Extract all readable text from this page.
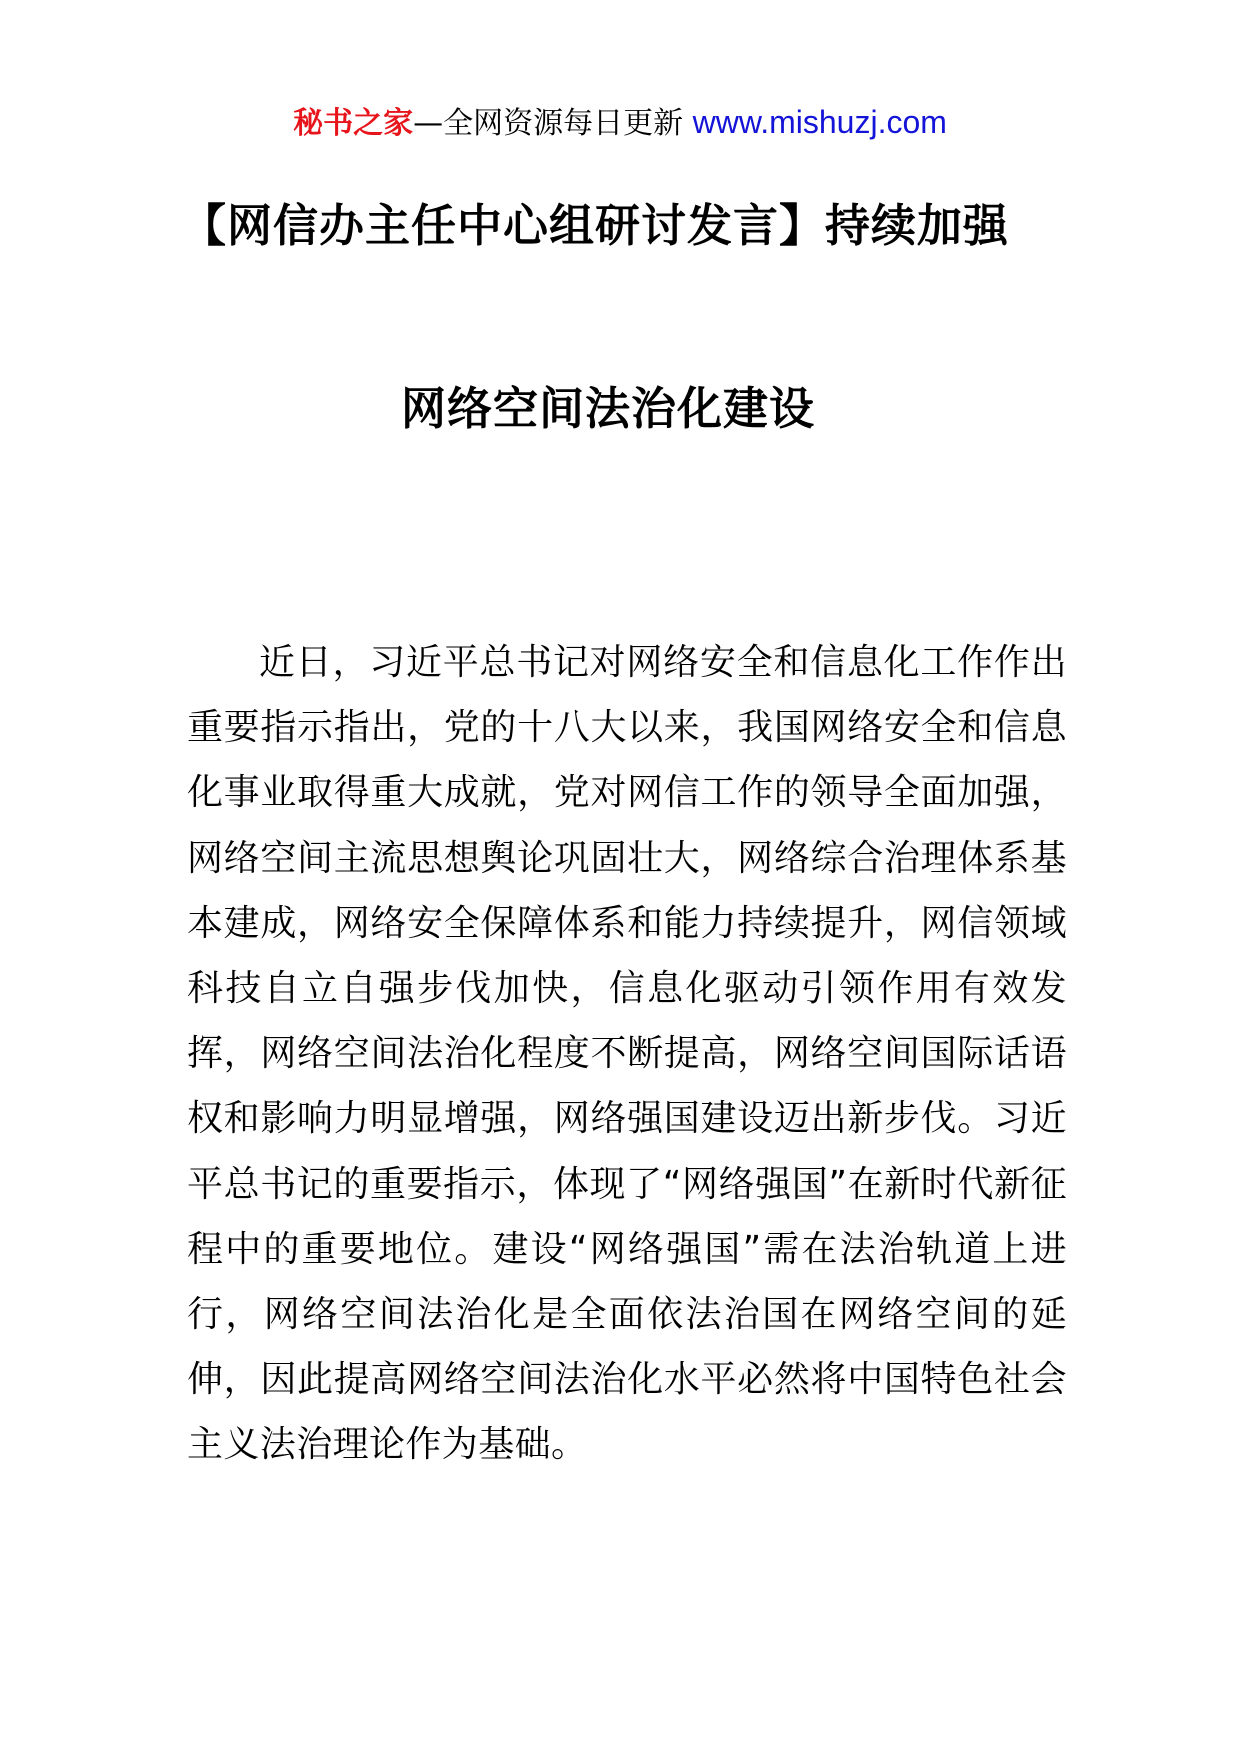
秘书之家—全网资源每日更新 www.mishuzj.com
【网信办主任中心组研讨发言】持续加强
网络空间法治化建设

近日，习近平总书记对网络安全和信息化工作作出重要指示指出，党的十八大以来，我国网络安全和信息化事业取得重大成就，党对网信工作的领导全面加强，网络空间主流思想舆论巩固壮大，网络综合治理体系基本建成，网络安全保障体系和能力持续提升，网信领域科技自立自强步伐加快，信息化驱动引领作用有效发挥，网络空间法治化程度不断提高，网络空间国际话语权和影响力明显增强，网络强国建设迈出新步伐。习近平总书记的重要指示，体现了“网络强国”在新时代新征程中的重要地位。建设“网络强国”需在法治轨道上进行，网络空间法治化是全面依法治国在网络空间的延伸，因此提高网络空间法治化水平必然将中国特色社会主义法治理论作为基础。
